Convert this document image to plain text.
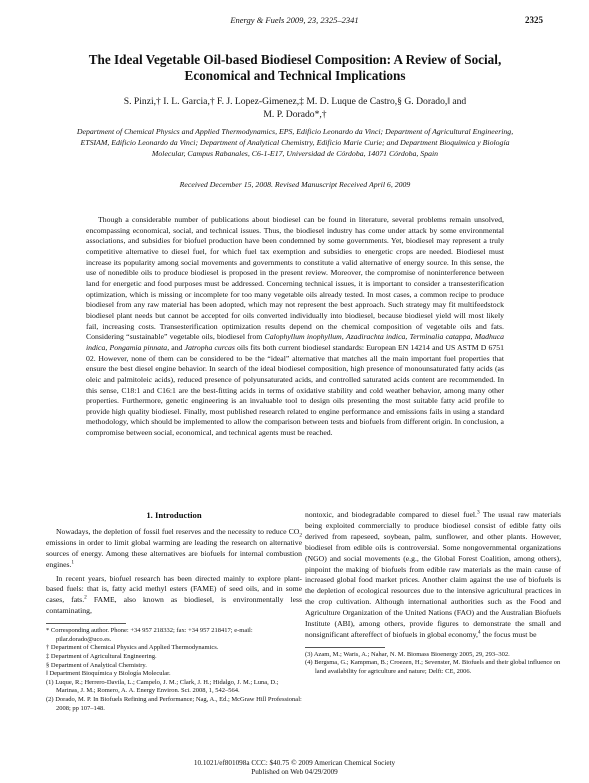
Energy & Fuels 2009, 23, 2325–2341	2325
The Ideal Vegetable Oil-based Biodiesel Composition: A Review of Social, Economical and Technical Implications
S. Pinzi,† I. L. Garcia,† F. J. Lopez-Gimenez,‡ M. D. Luque de Castro,§ G. Dorado,‖ and
M. P. Dorado*,†
Department of Chemical Physics and Applied Thermodynamics, EPS, Edificio Leonardo da Vinci; Department of Agricultural Engineering, ETSIAM, Edificio Leonardo da Vinci; Department of Analytical Chemistry, Edificio Marie Curie; and Department Bioquímica y Biología Molecular, Campus Rabanales, C6-1-E17, Universidad de Córdoba, 14071 Córdoba, Spain
Received December 15, 2008. Revised Manuscript Received April 6, 2009
Though a considerable number of publications about biodiesel can be found in literature, several problems remain unsolved, encompassing economical, social, and technical issues. Thus, the biodiesel industry has come under attack by some environmental associations, and subsidies for biofuel production have been condemned by some governments. Yet, biodiesel may represent a truly competitive alternative to diesel fuel, for which fuel tax exemption and subsidies to energetic crops are needed. Biodiesel must increase its popularity among social movements and governments to constitute a valid alternative of energy source. In this sense, the use of nonedible oils to produce biodiesel is proposed in the present review. Moreover, the compromise of noninterference between land for energetic and food purposes must be addressed. Concerning technical issues, it is important to consider a transesterification optimization, which is missing or incomplete for too many vegetable oils already tested. In most cases, a common recipe to produce biodiesel from any raw material has been adopted, which may not represent the best approach. Such strategy may fit multifeedstock biodiesel plant needs but cannot be accepted for oils converted individually into biodiesel, because biodiesel yield will most likely fail, increasing costs. Transesterification optimization results depend on the chemical composition of vegetable oils and fats. Considering “sustainable” vegetable oils, biodiesel from Calophyllum inophyllum, Azadirachta indica, Terminalia catappa, Madhuca indica, Pongamia pinnata, and Jatropha curcas oils fits both current biodiesel standards: European EN 14214 and US ASTM D 6751 02. However, none of them can be considered to be the “ideal” alternative that matches all the main important fuel properties that ensure the best diesel engine behavior. In search of the ideal biodiesel composition, high presence of monounsaturated fatty acids (as oleic and palmitoleic acids), reduced presence of polyunsaturated acids, and controlled saturated acids content are recommended. In this sense, C18:1 and C16:1 are the best-fitting acids in terms of oxidative stability and cold weather behavior, among many other properties. Furthermore, genetic engineering is an invaluable tool to design oils presenting the most suitable fatty acid profile to provide high quality biodiesel. Finally, most published research related to engine performance and emissions fails in using a standard methodology, which should be implemented to allow the comparison between tests and biofuels from different origin. In conclusion, a compromise between social, economical, and technical agents must be reached.
1. Introduction

Nowadays, the depletion of fossil fuel reserves and the necessity to reduce $CO_2$ emissions in order to limit global warming are leading the research on alternative sources of energy. Among these alternatives are biofuels for internal combustion engines.$^1$

In recent years, biofuel research has been directed mainly to explore plant-based fuels: that is, fatty acid methyl esters (FAME) of seed oils, and in some cases, fats.$^2$ FAME, also known as biodiesel, is environmentally less contaminating,

* Corresponding author. Phone: +34 957 218332; fax: +34 957 218417; e-mail: pilar.dorado@uco.es.
† Department of Chemical Physics and Applied Thermodynamics.
‡ Department of Agricultural Engineering.
§ Department of Analytical Chemistry.
‖ Department Bioquímica y Biología Molecular.
(1) Luque, R.; Herrero-Davila, L.; Campelo, J. M.; Clark, J. H.; Hidalgo, J. M.; Luna, D.; Marinas, J. M.; Romero, A. A. Energy Environ. Sci. 2008, 1, 542–564.
(2) Dorado, M. P. In Biofuels Refining and Performance; Nag, A., Ed.; McGraw Hill Professional: 2008; pp 107–148.

nontoxic, and biodegradable compared to diesel fuel.$^3$ The usual raw materials being exploited commercially to produce biodiesel consist of edible fatty oils derived from rapeseed, soybean, palm, sunflower, and other plants. However, biodiesel from edible oils is controversial. Some nongovernmental organizations (NGO) and social movements (e.g., the Global Forest Coalition, among others), pinpoint the making of biofuels from edible raw materials as the main cause of increased global food market prices. Another claim against the use of biofuels is the depletion of ecological resources due to the intensive agricultural practices in the crop cultivation. Although international authorities such as the Food and Agriculture Organization of the United Nations (FAO) and the Australian Biofuels Institute (ABI), among others, provide figures to demonstrate the small and nonsignificant aftereffect of biofuels in global economy,$^4$ the focus must be

(3) Azam, M.; Waris, A.; Nahar, N. M. Biomass Bioenergy 2005, 29, 293–302.
(4) Bergsma, G.; Kampman, B.; Croezen, H.; Sevenster, M. Biofuels and their global influence on land availability for agriculture and nature; Delft: CE, 2006.
10.1021/ef801098a CCC: $40.75 © 2009 American Chemical Society
Published on Web 04/29/2009
